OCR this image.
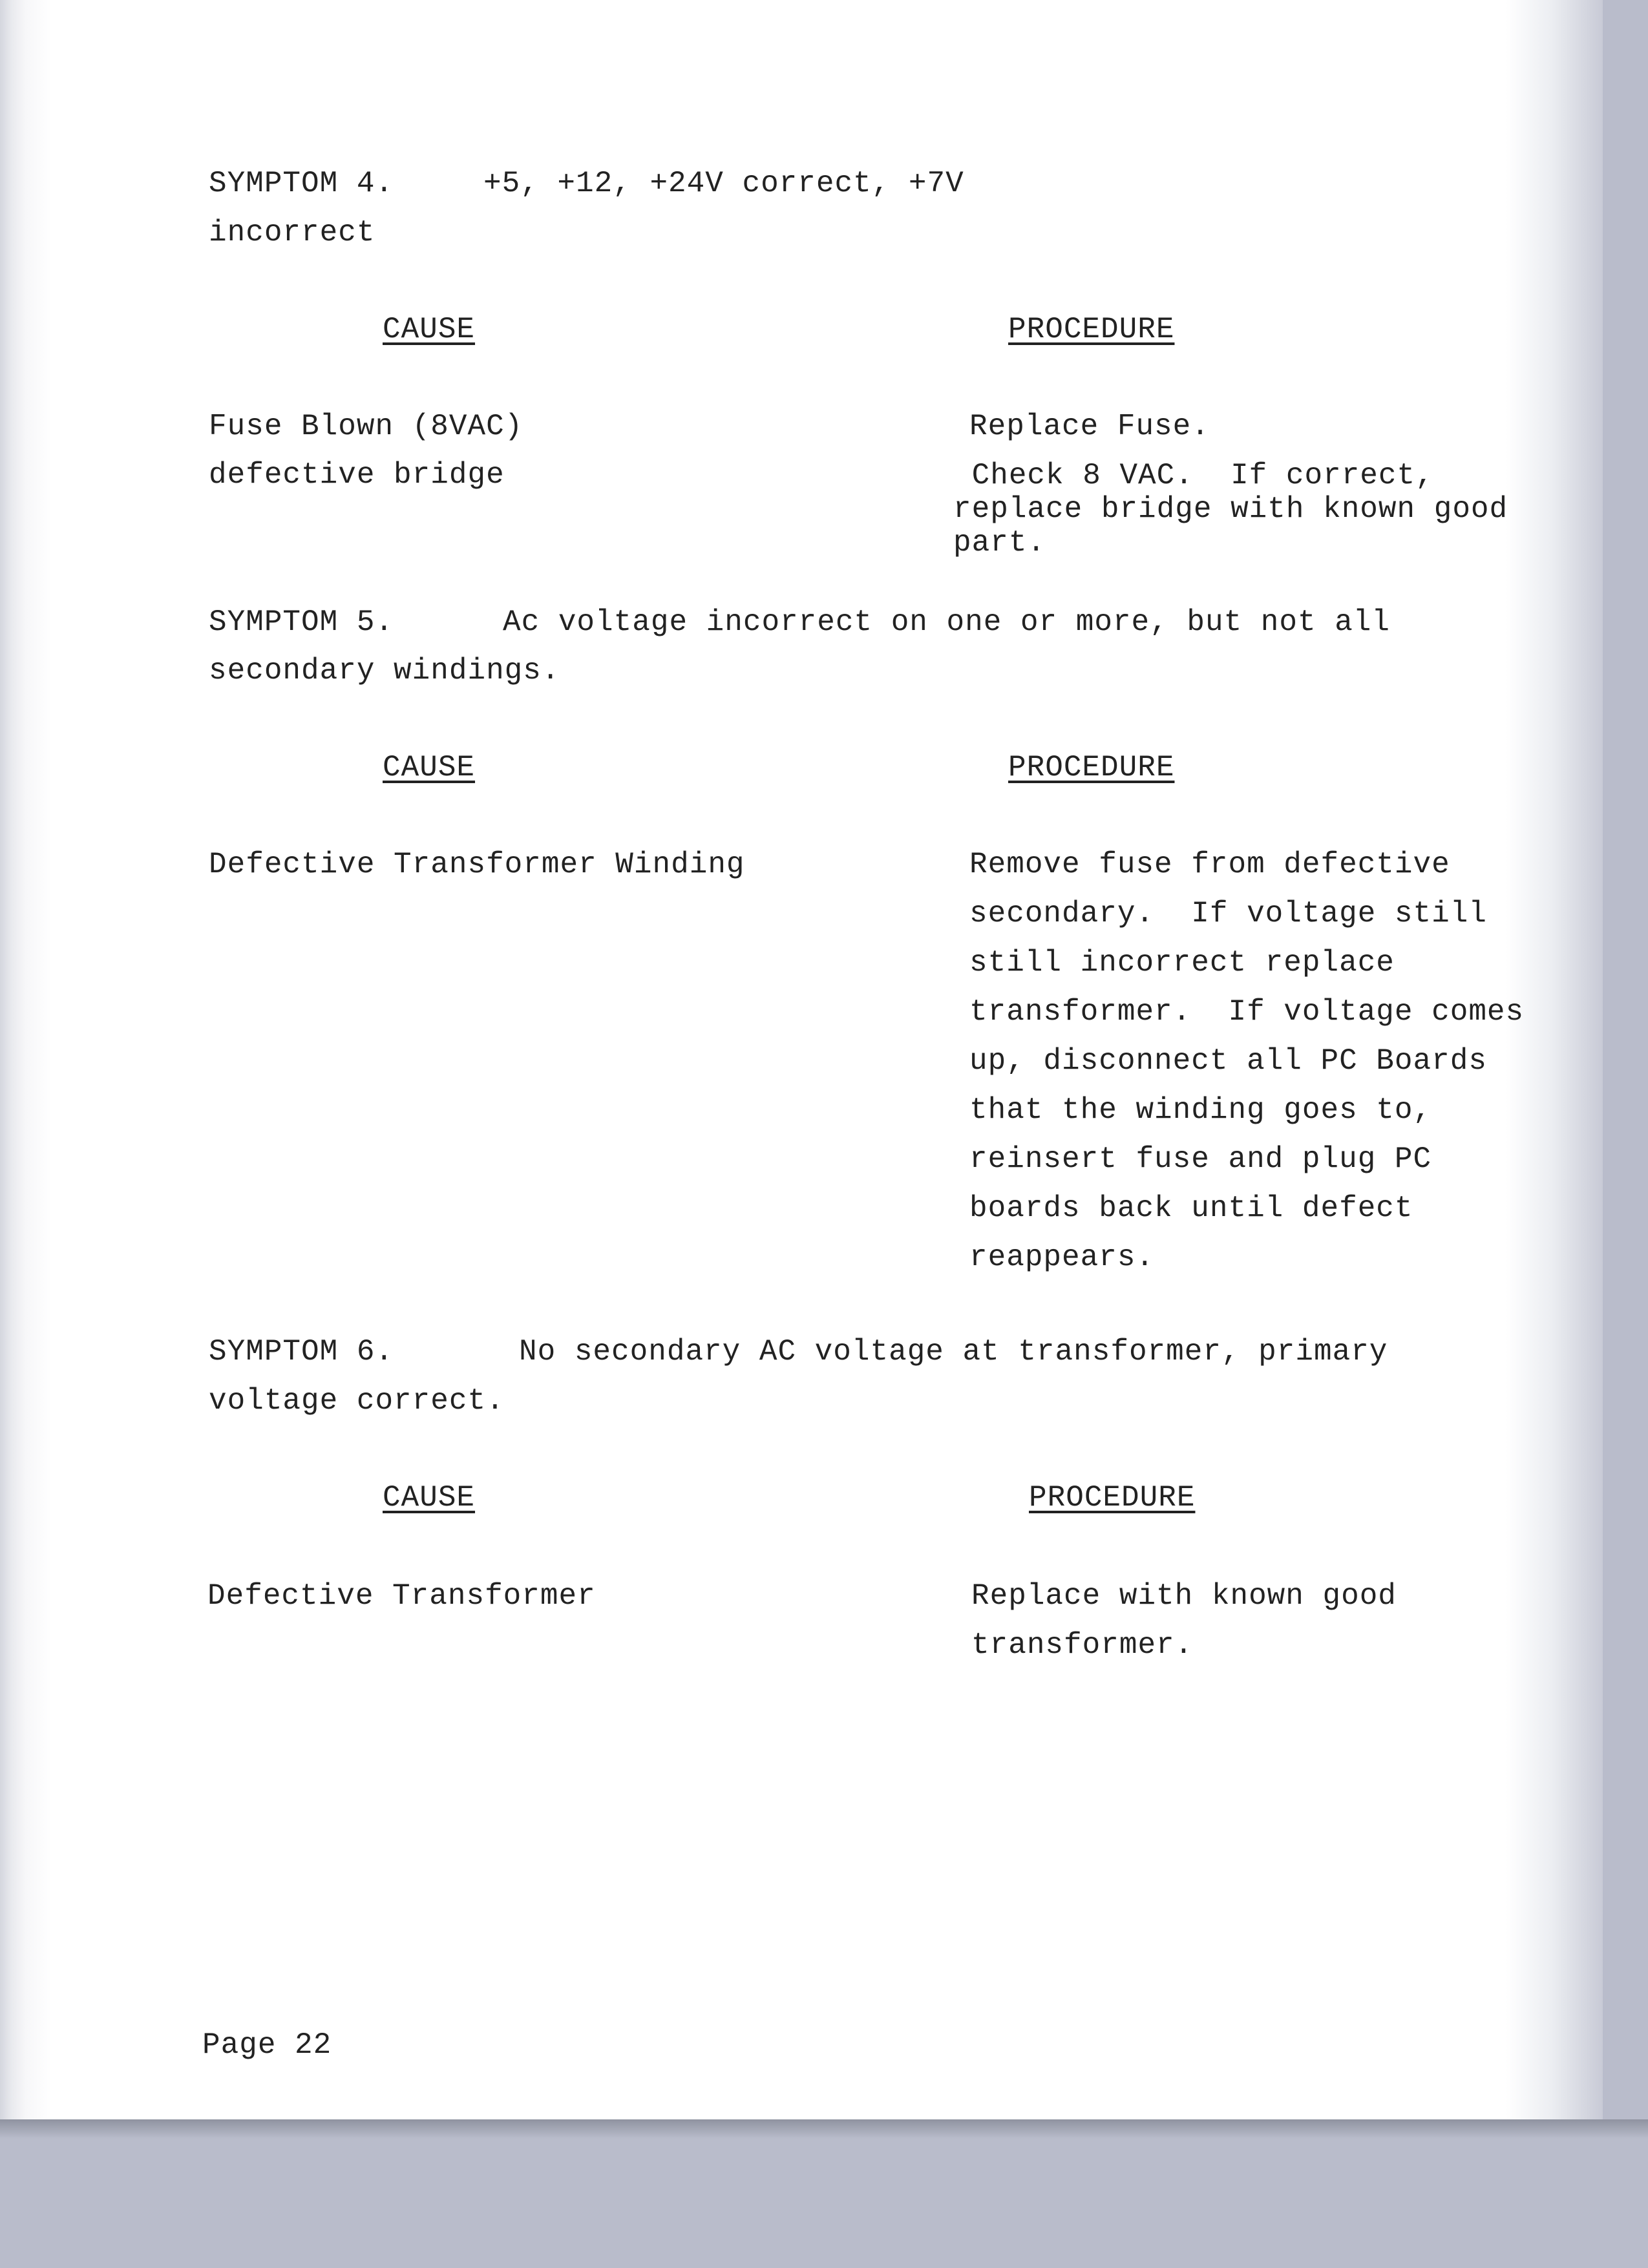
SYMPTOM 4.	+5, +12, +24V correct, +7V
incorrect
CAUSE	PROCEDURE
Fuse Blown (8VAC)	Replace Fuse.
defective bridge	Check 8 VAC.  If correct,
replace bridge with known good
part.
SYMPTOM 5.	Ac voltage incorrect on one or more, but not all
secondary windings.
CAUSE	PROCEDURE
Defective Transformer Winding	Remove fuse from defective
secondary.  If voltage still
still incorrect replace
transformer.  If voltage comes
up, disconnect all PC Boards
that the winding goes to,
reinsert fuse and plug PC
boards back until defect
reappears.
SYMPTOM 6.	No secondary AC voltage at transformer, primary
voltage correct.
CAUSE	PROCEDURE
Defective Transformer	Replace with known good
transformer.
Page 22
